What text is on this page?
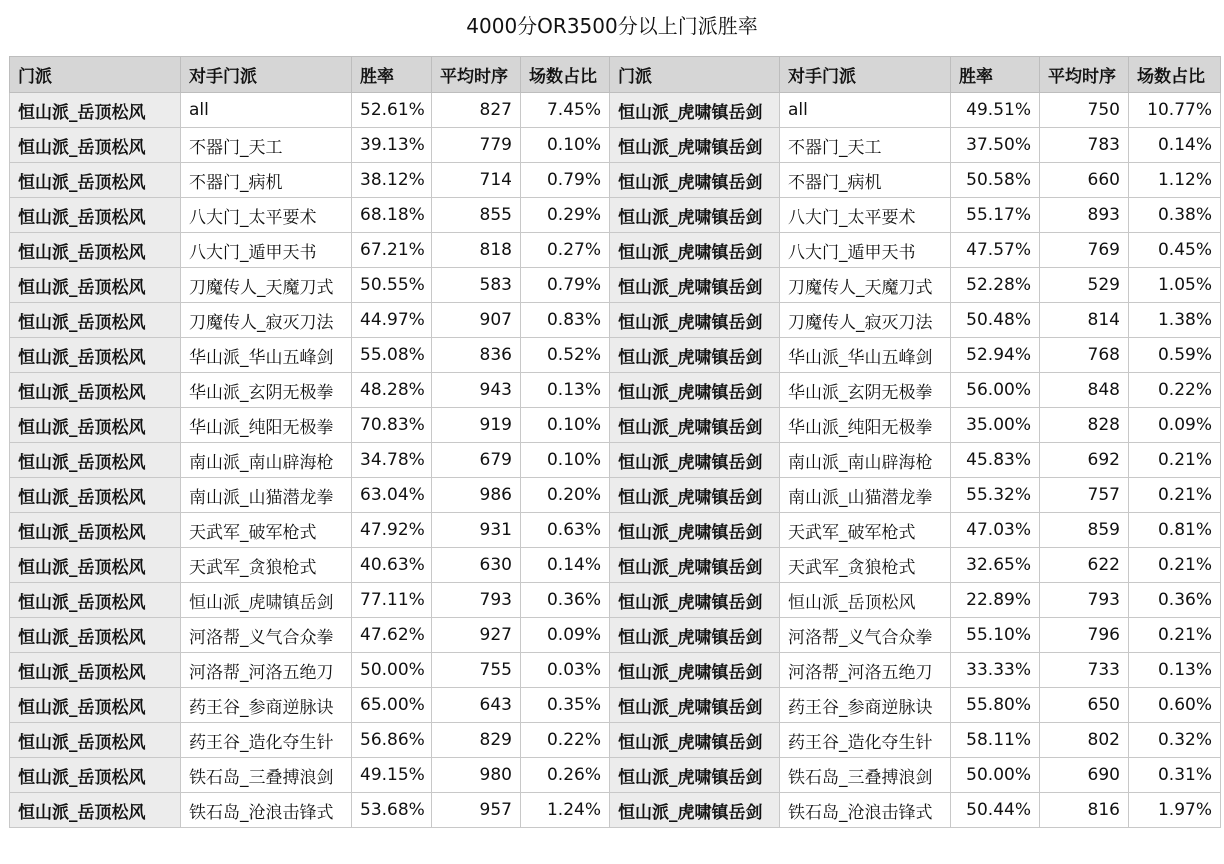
4000分OR3500分以上门派胜率
门派	对手门派	胜率	平均时序	场数占比	门派	对手门派	胜率	平均时序	场数占比
恒山派_岳顶松风	all	52.61%	827	7.45%	恒山派_虎啸镇岳剑	all	49.51%	750	10.77%
恒山派_岳顶松风	不器门_天工	39.13%	779	0.10%	恒山派_虎啸镇岳剑	不器门_天工	37.50%	783	0.14%
恒山派_岳顶松风	不器门_病机	38.12%	714	0.79%	恒山派_虎啸镇岳剑	不器门_病机	50.58%	660	1.12%
恒山派_岳顶松风	八大门_太平要术	68.18%	855	0.29%	恒山派_虎啸镇岳剑	八大门_太平要术	55.17%	893	0.38%
恒山派_岳顶松风	八大门_遁甲天书	67.21%	818	0.27%	恒山派_虎啸镇岳剑	八大门_遁甲天书	47.57%	769	0.45%
恒山派_岳顶松风	刀魔传人_天魔刀式	50.55%	583	0.79%	恒山派_虎啸镇岳剑	刀魔传人_天魔刀式	52.28%	529	1.05%
恒山派_岳顶松风	刀魔传人_寂灭刀法	44.97%	907	0.83%	恒山派_虎啸镇岳剑	刀魔传人_寂灭刀法	50.48%	814	1.38%
恒山派_岳顶松风	华山派_华山五峰剑	55.08%	836	0.52%	恒山派_虎啸镇岳剑	华山派_华山五峰剑	52.94%	768	0.59%
恒山派_岳顶松风	华山派_玄阴无极拳	48.28%	943	0.13%	恒山派_虎啸镇岳剑	华山派_玄阴无极拳	56.00%	848	0.22%
恒山派_岳顶松风	华山派_纯阳无极拳	70.83%	919	0.10%	恒山派_虎啸镇岳剑	华山派_纯阳无极拳	35.00%	828	0.09%
恒山派_岳顶松风	南山派_南山辟海枪	34.78%	679	0.10%	恒山派_虎啸镇岳剑	南山派_南山辟海枪	45.83%	692	0.21%
恒山派_岳顶松风	南山派_山猫潜龙拳	63.04%	986	0.20%	恒山派_虎啸镇岳剑	南山派_山猫潜龙拳	55.32%	757	0.21%
恒山派_岳顶松风	天武军_破军枪式	47.92%	931	0.63%	恒山派_虎啸镇岳剑	天武军_破军枪式	47.03%	859	0.81%
恒山派_岳顶松风	天武军_贪狼枪式	40.63%	630	0.14%	恒山派_虎啸镇岳剑	天武军_贪狼枪式	32.65%	622	0.21%
恒山派_岳顶松风	恒山派_虎啸镇岳剑	77.11%	793	0.36%	恒山派_虎啸镇岳剑	恒山派_岳顶松风	22.89%	793	0.36%
恒山派_岳顶松风	河洛帮_义气合众拳	47.62%	927	0.09%	恒山派_虎啸镇岳剑	河洛帮_义气合众拳	55.10%	796	0.21%
恒山派_岳顶松风	河洛帮_河洛五绝刀	50.00%	755	0.03%	恒山派_虎啸镇岳剑	河洛帮_河洛五绝刀	33.33%	733	0.13%
恒山派_岳顶松风	药王谷_参商逆脉诀	65.00%	643	0.35%	恒山派_虎啸镇岳剑	药王谷_参商逆脉诀	55.80%	650	0.60%
恒山派_岳顶松风	药王谷_造化夺生针	56.86%	829	0.22%	恒山派_虎啸镇岳剑	药王谷_造化夺生针	58.11%	802	0.32%
恒山派_岳顶松风	铁石岛_三叠搏浪剑	49.15%	980	0.26%	恒山派_虎啸镇岳剑	铁石岛_三叠搏浪剑	50.00%	690	0.31%
恒山派_岳顶松风	铁石岛_沧浪击锋式	53.68%	957	1.24%	恒山派_虎啸镇岳剑	铁石岛_沧浪击锋式	50.44%	816	1.97%
